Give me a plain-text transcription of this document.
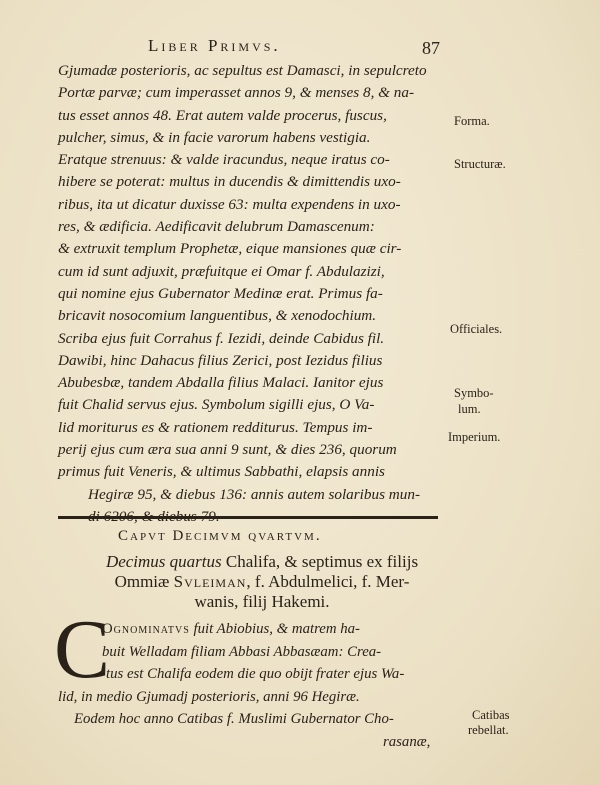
Liber Primvs.	87
Gjumadæ posterioris, ac sepultus est Damasci, in sepulcreto
Portæ parvæ; cum imperasset annos 9, & menses 8, & na-
tus esset annos 48. Erat autem valde procerus, fuscus,
pulcher, simus, & in facie varorum habens vestigia.
Eratque strenuus: & valde iracundus, neque iratus co-
hibere se poterat: multus in ducendis & dimittendis uxo-
ribus, ita ut dicatur duxisse 63: multa expendens in uxo-
res, & ædificia. Aedificavit delubrum Damascenum:
& extruxit templum Prophetæ, eique mansiones quæ cir-
cum id sunt adjuxit, præfuitque ei Omar f. Abdulazizi,
qui nomine ejus Gubernator Medinæ erat. Primus fa-
bricavit nosocomium languentibus, & xenodochium.
Scriba ejus fuit Corrahus f. Iezidi, deinde Cabidus fil.
Dawibi, hinc Dahacus filius Zerici, post Iezidus filius
Abubesbæ, tandem Abdalla filius Malaci. Ianitor ejus
fuit Chalid servus ejus. Symbolum sigilli ejus, O Va-
lid moriturus es & rationem redditurus. Tempus im-
perij ejus cum æra sua anni 9 sunt, & dies 236, quorum
primus fuit Veneris, & ultimus Sabbathi, elapsis annis
Hegiræ 95, & diebus 136: annis autem solaribus mun-
Forma.
Structuræ.
Officiales.
Symbo-
lum.
Imperium.
Capvt Decimvm qvartvm.
Decimus quartus Chalifa, & septimus ex filijs
Ommiæ Svleiman, f. Abdulmelici, f. Mer-
wanis, filij Hakemi.
C
Ognominatvs fuit Abiobius, & matrem ha-
buit Welladam filiam Abbasi Abbasæam: Crea-
tus est Chalifa eodem die quo obijt frater ejus Wa-
lid, in medio Gjumadj posterioris, anni 96 Hegiræ.
Eodem hoc anno Catibas f. Muslimi Gubernator Cho-
rasanæ,
Catibas
rebellat.
